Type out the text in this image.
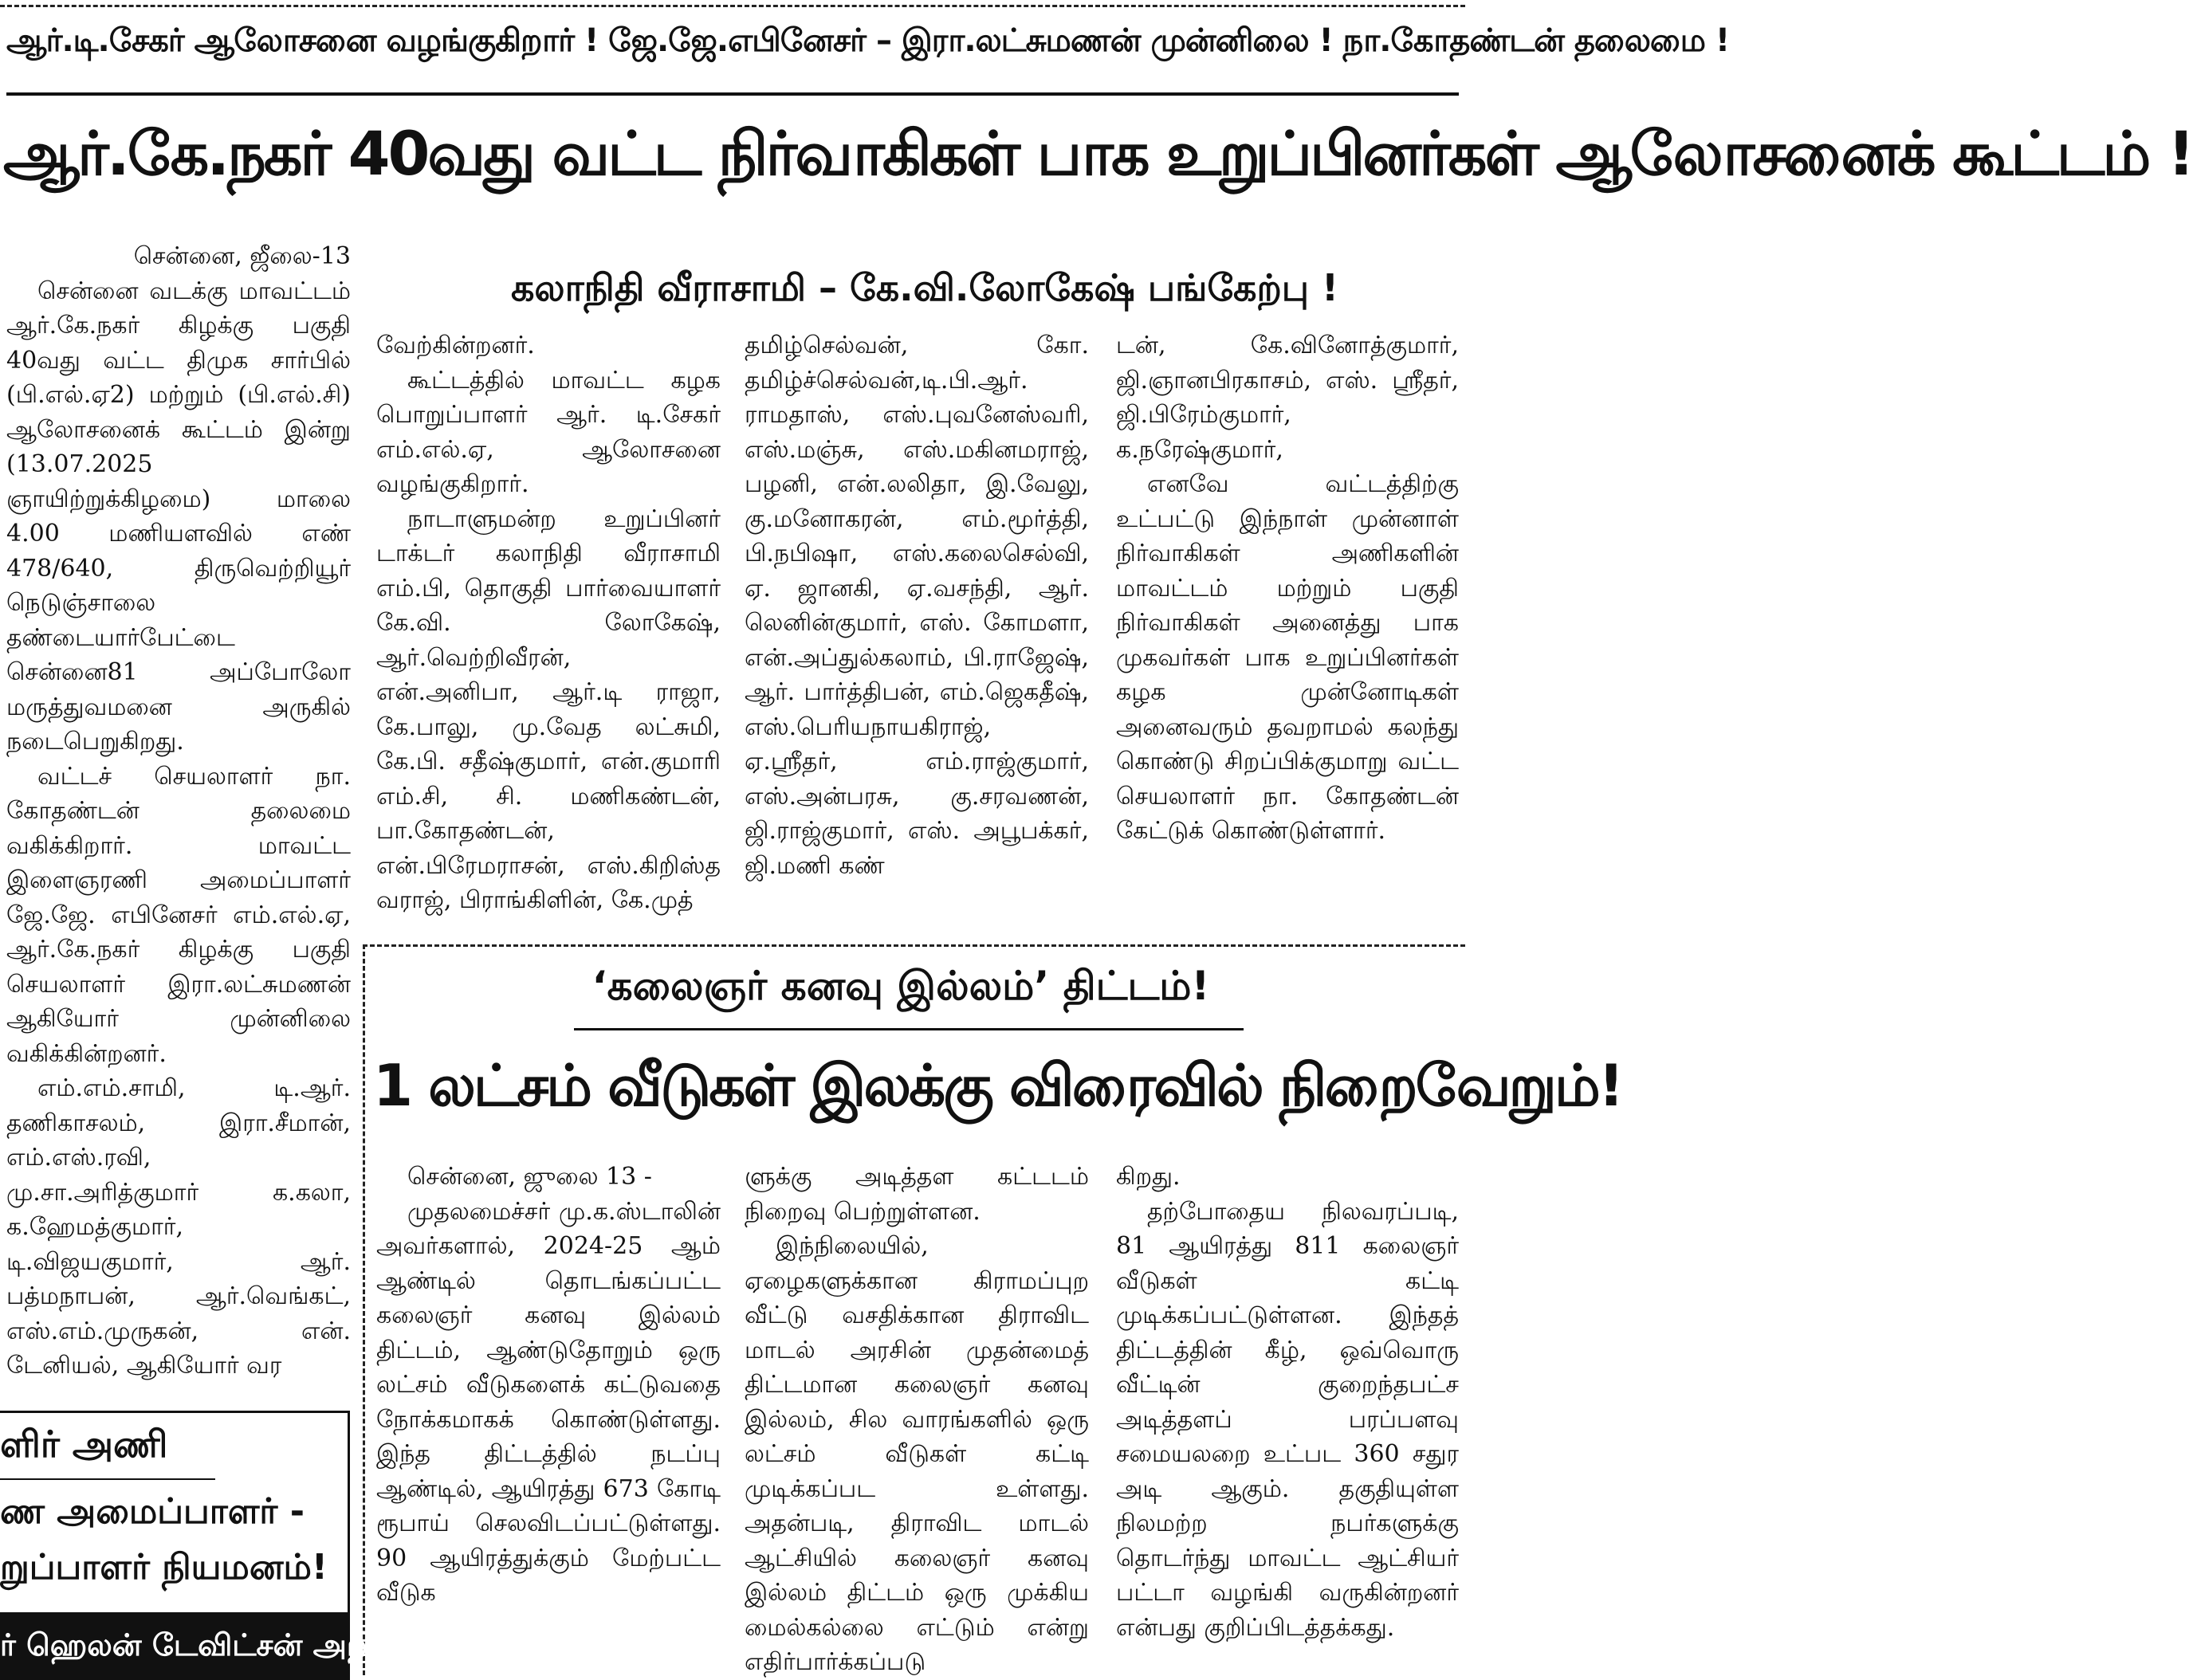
ஆர்.டி.சேகர் ஆலோசனை வழங்குகிறார் ! ஜே.ஜே.எபினேசர் – இரா.லட்சுமணன் முன்னிலை ! நா.கோதண்டன் தலைமை !
ஆர்.கே.நகர் 40வது வட்ட நிர்வாகிகள் பாக உறுப்பினர்கள் ஆலோசனைக் கூட்டம் !
கலாநிதி வீராசாமி – கே.வி.லோகேஷ் பங்கேற்பு !

சென்னை, ஜீலை-13

சென்னை வடக்கு மாவட்டம் ஆர்.கே.நகர் கிழக்கு பகுதி 40வது வட்ட திமுக சார்பில் (பி.எல்.ஏ2) மற்றும் (பி.எல்.சி) ஆலோசனைக் கூட்டம் இன்று (13.07.2025 ஞாயிற்றுக்கிழமை) மாலை 4.00 மணியளவில் எண் 478/640, திருவெற்றியூர் நெடுஞ்சாலை தண்டையார்பேட்டை சென்னை81 அப்போலோ மருத்துவமனை அருகில் நடைபெறுகிறது.

வட்டச் செயலாளர் நா. கோதண்டன் தலைமை வகிக்கிறார். மாவட்ட இளைஞரணி அமைப்பாளர் ஜே.ஜே. எபினேசர் எம்.எல்.ஏ, ஆர்.கே.நகர் கிழக்கு பகுதி செயலாளர் இரா.லட்சுமணன் ஆகியோர் முன்னிலை வகிக்கின்றனர்.

எம்.எம்.சாமி, டி.ஆர். தணிகாசலம், இரா.சீமான், எம்.எஸ்.ரவி, மு.சா.அரித்குமார் க.கலா, க.ஹேமத்குமார், டி.விஜயகுமார், ஆர். பத்மநாபன், ஆர்.வெங்கட், எஸ்.எம்.முருகன், என். டேனியல், ஆகியோர் வர

வேற்கின்றனர்.

கூட்டத்தில் மாவட்ட கழக பொறுப்பாளர் ஆர். டி.சேகர் எம்.எல்.ஏ, ஆலோசனை வழங்குகிறார்.

நாடாளுமன்ற உறுப்பினர் டாக்டர் கலாநிதி வீராசாமி எம்.பி, தொகுதி பார்வையாளர் கே.வி. லோகேஷ், ஆர்.வெற்றிவீரன், என்.அனிபா, ஆர்.டி ராஜா, கே.பாலு, மு.வேத லட்சுமி, கே.பி. சதீஷ்குமார், என்.குமாரி எம்.சி, சி. மணிகண்டன், பா.கோதண்டன், என்.பிரேமராசன், எஸ்.கிறிஸ்த வராஜ், பிராங்கிளின், கே.முத்

தமிழ்செல்வன், கோ. தமிழ்ச்செல்வன்,டி.பி.ஆர். ராமதாஸ், எஸ்.புவனேஸ்வரி, எஸ்.மஞ்சு, எஸ்.மகினமராஜ், பழனி, என்.லலிதா, இ.வேலு, கு.மனோகரன், எம்.மூர்த்தி, பி.நபிஷா, எஸ்.கலைசெல்வி, ஏ. ஜானகி, ஏ.வசந்தி, ஆர். லெனின்குமார், எஸ். கோமளா, என்.அப்துல்கலாம், பி.ராஜேஷ், ஆர். பார்த்திபன், எம்.ஜெகதீஷ், எஸ்.பெரியநாயகிராஜ், ஏ.ஸ்ரீதர், எம்.ராஜ்குமார், எஸ்.அன்பரசு, கு.சரவணன், ஜி.ராஜ்குமார், எஸ். அபூபக்கர், ஜி.மணி கண்

டன், கே.வினோத்குமார், ஜி.ஞானபிரகாசம், எஸ். ஸ்ரீதர், ஜி.பிரேம்குமார், க.நரேஷ்குமார்,

எனவே வட்டத்திற்கு உட்பட்டு இந்நாள் முன்னாள் நிர்வாகிகள் அணிகளின் மாவட்டம் மற்றும் பகுதி நிர்வாகிகள் அனைத்து பாக முகவர்கள் பாக உறுப்பினர்கள் கழக முன்னோடிகள் அனைவரும் தவறாமல் கலந்து கொண்டு சிறப்பிக்குமாறு வட்ட செயலாளர் நா. கோதண்டன் கேட்டுக் கொண்டுள்ளார்.

‘கலைஞர் கனவு இல்லம்’ திட்டம்!
1 லட்சம் வீடுகள் இலக்கு விரைவில் நிறைவேறும்!

சென்னை, ஜுலை 13 -

முதலமைச்சர் மு.க.ஸ்டாலின் அவர்களால், 2024-25 ஆம் ஆண்டில் தொடங்கப்பட்ட கலைஞர் கனவு இல்லம் திட்டம், ஆண்டுதோறும் ஒரு லட்சம் வீடுகளைக் கட்டுவதை நோக்கமாகக் கொண்டுள்ளது. இந்த திட்டத்தில் நடப்பு ஆண்டில், ஆயிரத்து 673 கோடி ரூபாய் செலவிடப்பட்டுள்ளது. 90 ஆயிரத்துக்கும் மேற்பட்ட வீடுக

ளுக்கு அடித்தள கட்டடம் நிறைவு பெற்றுள்ளன.

இந்நிலையில், ஏழைகளுக்கான கிராமப்புற வீட்டு வசதிக்கான திராவிட மாடல் அரசின் முதன்மைத் திட்டமான கலைஞர் கனவு இல்லம், சில வாரங்களில் ஒரு லட்சம் வீடுகள் கட்டி முடிக்கப்பட உள்ளது. அதன்படி, திராவிட மாடல் ஆட்சியில் கலைஞர் கனவு இல்லம் திட்டம் ஒரு முக்கிய மைல்கல்லை எட்டும் என்று எதிர்பார்க்கப்படு

கிறது.

தற்போதைய நிலவரப்படி, 81 ஆயிரத்து 811 கலைஞர் வீடுகள் கட்டி முடிக்கப்பட்டுள்ளன. இந்தத் திட்டத்தின் கீழ், ஒவ்வொரு வீட்டின் குறைந்தபட்ச அடித்தளப் பரப்பளவு சமையலறை உட்பட 360 சதுர அடி ஆகும். தகுதியுள்ள நிலமற்ற நபர்களுக்கு தொடர்ந்து மாவட்ட ஆட்சியர் பட்டா வழங்கி வருகின்றனர் என்பது குறிப்பிடத்தக்கது.

ளிர் அணி
ண அமைப்பாளர் -
றுப்பாளர் நியமனம்!
ர் ஹெலன் டேவிட்சன் அறிவிப்பு!
